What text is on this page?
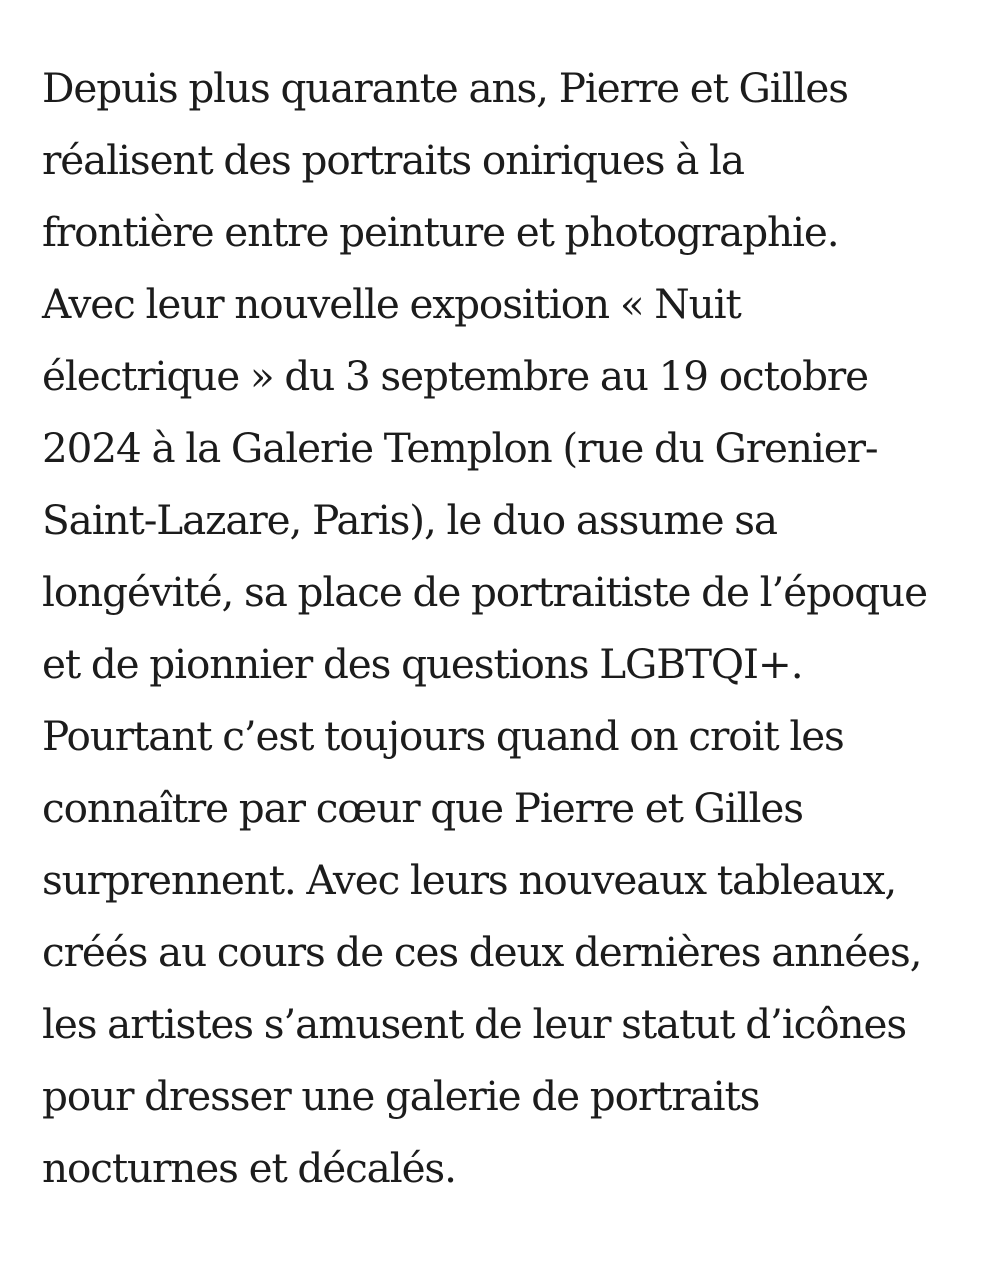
Depuis plus quarante ans, Pierre et Gilles
réalisent des portraits oniriques à la
frontière entre peinture et photographie.
Avec leur nouvelle exposition « Nuit
électrique » du 3 septembre au 19 octobre
2024 à la Galerie Templon (rue du Grenier-
Saint-Lazare, Paris), le duo assume sa
longévité, sa place de portraitiste de l’époque
et de pionnier des questions LGBTQI+.
Pourtant c’est toujours quand on croit les
connaître par cœur que Pierre et Gilles
surprennent. Avec leurs nouveaux tableaux,
créés au cours de ces deux dernières années,
les artistes s’amusent de leur statut d’icônes
pour dresser une galerie de portraits
nocturnes et décalés.
